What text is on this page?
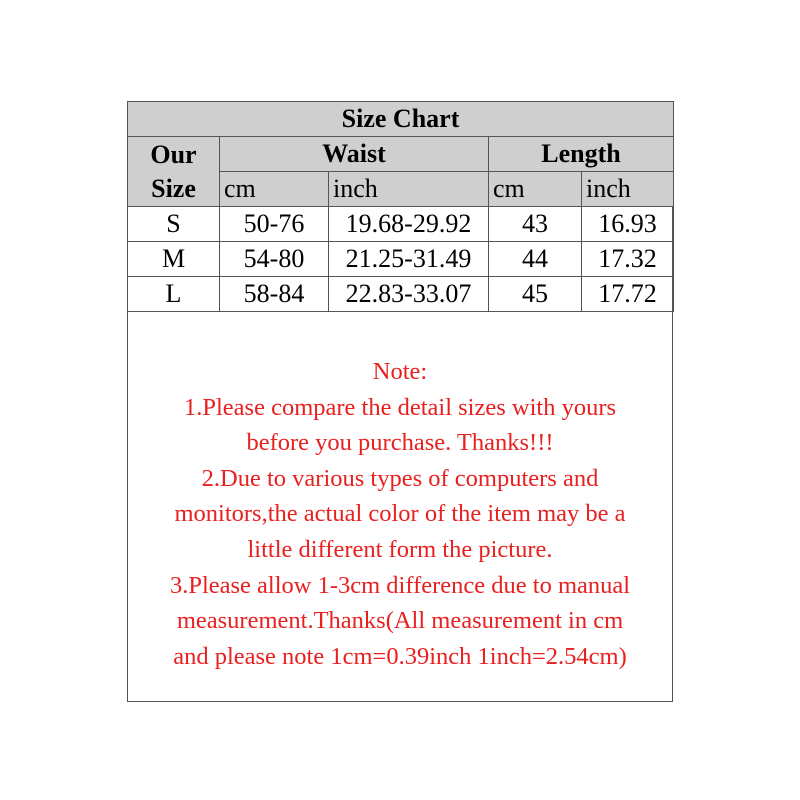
Size Chart				

Our
Size	Waist		Length	
	cm	inch	cm	inch
S	50-76	19.68-29.92	43	16.93
M	54-80	21.25-31.49	44	17.32
L	58-84	22.83-33.07	45	17.72
Note:
1.Please compare the detail sizes with yours
before you purchase. Thanks!!!
2.Due to various types of computers and
monitors,the actual color of the item may be a
little different form the picture.
3.Please allow 1-3cm difference due to manual
measurement.Thanks(All measurement in cm
and please note 1cm=0.39inch 1inch=2.54cm)
